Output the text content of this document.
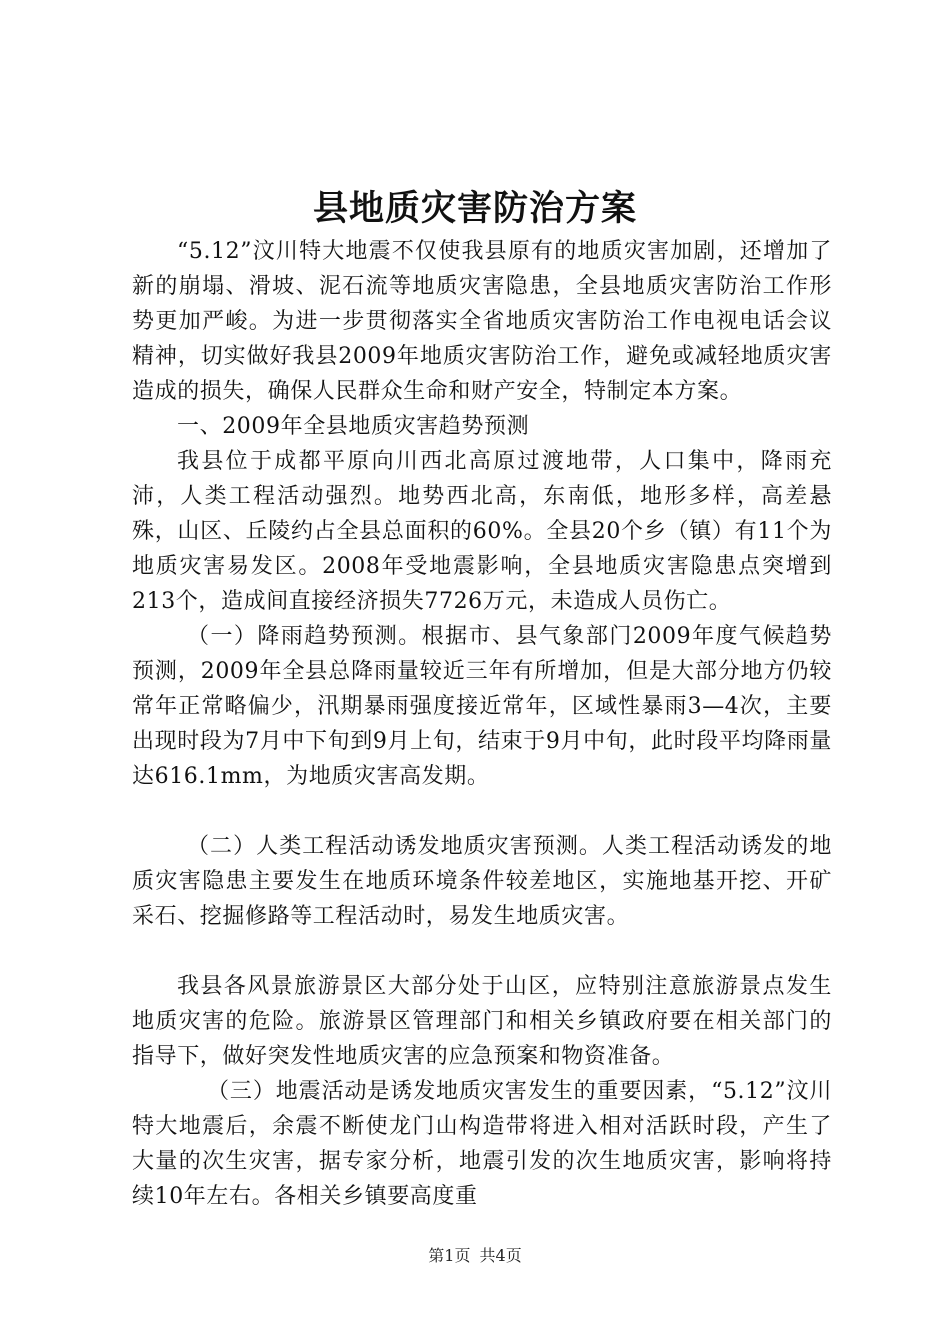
县地质灾害防治方案

“5.12”汶川特大地震不仅使我县原有的地质灾害加剧，还增加了新的崩塌、滑坡、泥石流等地质灾害隐患，全县地质灾害防治工作形势更加严峻。为进一步贯彻落实全省地质灾害防治工作电视电话会议精神，切实做好我县2009年地质灾害防治工作，避免或减轻地质灾害造成的损失，确保人民群众生命和财产安全，特制定本方案。

一、2009年全县地质灾害趋势预测

我县位于成都平原向川西北高原过渡地带，人口集中，降雨充沛，人类工程活动强烈。地势西北高，东南低，地形多样，高差悬殊，山区、丘陵约占全县总面积的60%。全县20个乡（镇）有11个为地质灾害易发区。2008年受地震影响，全县地质灾害隐患点突增到213个，造成间直接经济损失7726万元，未造成人员伤亡。

（一）降雨趋势预测。根据市、县气象部门2009年度气候趋势预测，2009年全县总降雨量较近三年有所增加，但是大部分地方仍较常年正常略偏少，汛期暴雨强度接近常年，区域性暴雨3—4次，主要出现时段为7月中下旬到9月上旬，结束于9月中旬，此时段平均降雨量达616.1mm，为地质灾害高发期。

（二）人类工程活动诱发地质灾害预测。人类工程活动诱发的地质灾害隐患主要发生在地质环境条件较差地区，实施地基开挖、开矿采石、挖掘修路等工程活动时，易发生地质灾害。

我县各风景旅游景区大部分处于山区，应特别注意旅游景点发生地质灾害的危险。旅游景区管理部门和相关乡镇政府要在相关部门的指导下，做好突发性地质灾害的应急预案和物资准备。

（三）地震活动是诱发地质灾害发生的重要因素，“5.12”汶川特大地震后，余震不断使龙门山构造带将进入相对活跃时段，产生了大量的次生灾害，据专家分析，地震引发的次生地质灾害，影响将持续10年左右。各相关乡镇要高度重

第1页 共4页
